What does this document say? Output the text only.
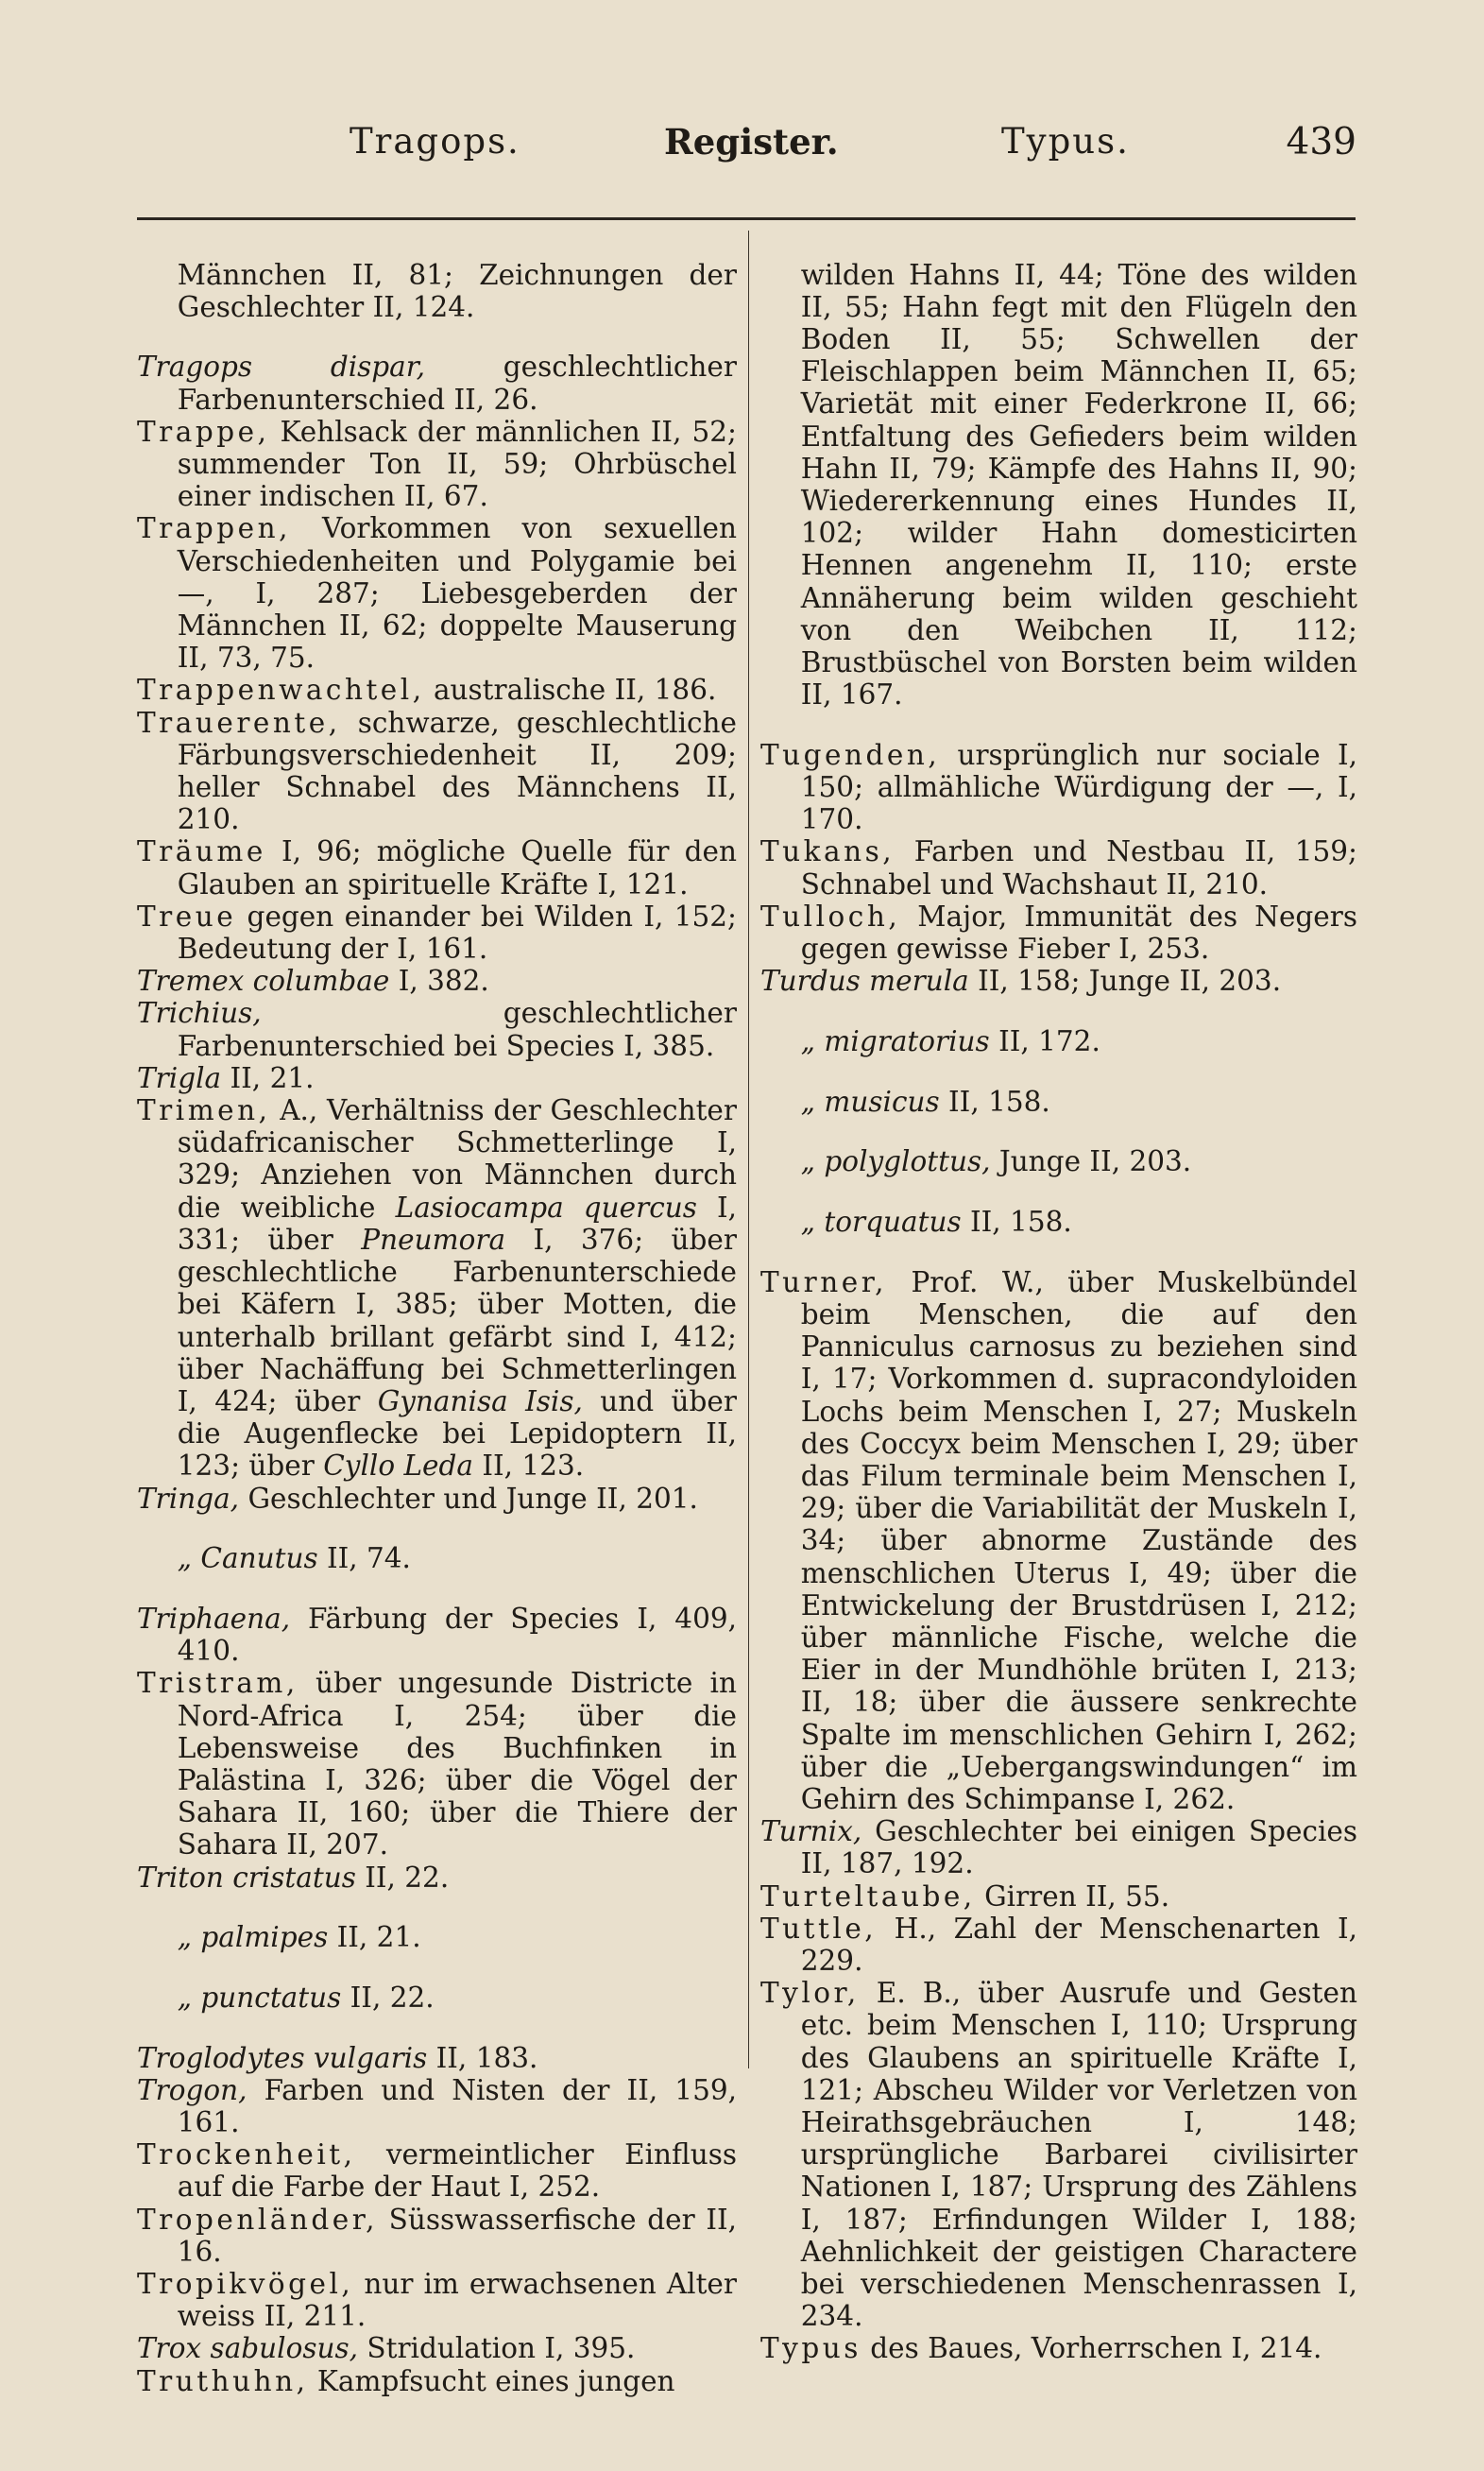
Tragops.	Register.	Typus.	439

Männchen II, 81; Zeichnungen der Geschlechter II, 124.

Tragops dispar, geschlechtlicher Farbenunterschied II, 26.

Trappe, Kehlsack der männlichen II, 52; summender Ton II, 59; Ohrbüschel einer indischen II, 67.

Trappen, Vorkommen von sexuellen Verschiedenheiten und Polygamie bei —, I, 287; Liebesgeberden der Männchen II, 62; doppelte Mauserung II, 73, 75.

Trappenwachtel, australische II, 186.

Trauerente, schwarze, geschlechtliche Färbungsverschiedenheit II, 209; heller Schnabel des Männchens II, 210.

Träume I, 96; mögliche Quelle für den Glauben an spirituelle Kräfte I, 121.

Treue gegen einander bei Wilden I, 152; Bedeutung der I, 161.

Tremex columbae I, 382.

Trichius, geschlechtlicher Farbenunterschied bei Species I, 385.

Trigla II, 21.

Trimen, A., Verhältniss der Geschlechter südafricanischer Schmetterlinge I, 329; Anziehen von Männchen durch die weibliche Lasiocampa quercus I, 331; über Pneumora I, 376; über geschlechtliche Farbenunterschiede bei Käfern I, 385; über Motten, die unterhalb brillant gefärbt sind I, 412; über Nachäffung bei Schmetterlingen I, 424; über Gynanisa Isis, und über die Augenflecke bei Lepidoptern II, 123; über Cyllo Leda II, 123.

Tringa, Geschlechter und Junge II, 201.

„ Canutus II, 74.

Triphaena, Färbung der Species I, 409, 410.

Tristram, über ungesunde Districte in Nord-Africa I, 254; über die Lebensweise des Buchfinken in Palästina I, 326; über die Vögel der Sahara II, 160; über die Thiere der Sahara II, 207.

Triton cristatus II, 22.

„ palmipes II, 21.

„ punctatus II, 22.

Troglodytes vulgaris II, 183.

Trogon, Farben und Nisten der II, 159, 161.

Trockenheit, vermeintlicher Einfluss auf die Farbe der Haut I, 252.

Tropenländer, Süsswasserfische der II, 16.

Tropikvögel, nur im erwachsenen Alter weiss II, 211.

Trox sabulosus, Stridulation I, 395.

Truthuhn, Kampfsucht eines jungen

wilden Hahns II, 44; Töne des wilden II, 55; Hahn fegt mit den Flügeln den Boden II, 55; Schwellen der Fleischlappen beim Männchen II, 65; Varietät mit einer Federkrone II, 66; Entfaltung des Gefieders beim wilden Hahn II, 79; Kämpfe des Hahns II, 90; Wiedererkennung eines Hundes II, 102; wilder Hahn domesticirten Hennen angenehm II, 110; erste Annäherung beim wilden geschieht von den Weibchen II, 112; Brustbüschel von Borsten beim wilden II, 167.

Tugenden, ursprünglich nur sociale I, 150; allmähliche Würdigung der —, I, 170.

Tukans, Farben und Nestbau II, 159; Schnabel und Wachshaut II, 210.

Tulloch, Major, Immunität des Negers gegen gewisse Fieber I, 253.

Turdus merula II, 158; Junge II, 203.

„ migratorius II, 172.

„ musicus II, 158.

„ polyglottus, Junge II, 203.

„ torquatus II, 158.

Turner, Prof. W., über Muskelbündel beim Menschen, die auf den Panniculus carnosus zu beziehen sind I, 17; Vorkommen d. supracondyloiden Lochs beim Menschen I, 27; Muskeln des Coccyx beim Menschen I, 29; über das Filum terminale beim Menschen I, 29; über die Variabilität der Muskeln I, 34; über abnorme Zustände des menschlichen Uterus I, 49; über die Entwickelung der Brustdrüsen I, 212; über männliche Fische, welche die Eier in der Mundhöhle brüten I, 213; II, 18; über die äussere senkrechte Spalte im menschlichen Gehirn I, 262; über die „Uebergangswindungen“ im Gehirn des Schimpanse I, 262.

Turnix, Geschlechter bei einigen Species II, 187, 192.

Turteltaube, Girren II, 55.

Tuttle, H., Zahl der Menschenarten I, 229.

Tylor, E. B., über Ausrufe und Gesten etc. beim Menschen I, 110; Ursprung des Glaubens an spirituelle Kräfte I, 121; Abscheu Wilder vor Verletzen von Heirathsgebräuchen I, 148; ursprüngliche Barbarei civilisirter Nationen I, 187; Ursprung des Zählens I, 187; Erfindungen Wilder I, 188; Aehnlichkeit der geistigen Charactere bei verschiedenen Menschenrassen I, 234.

Typus des Baues, Vorherrschen I, 214.
